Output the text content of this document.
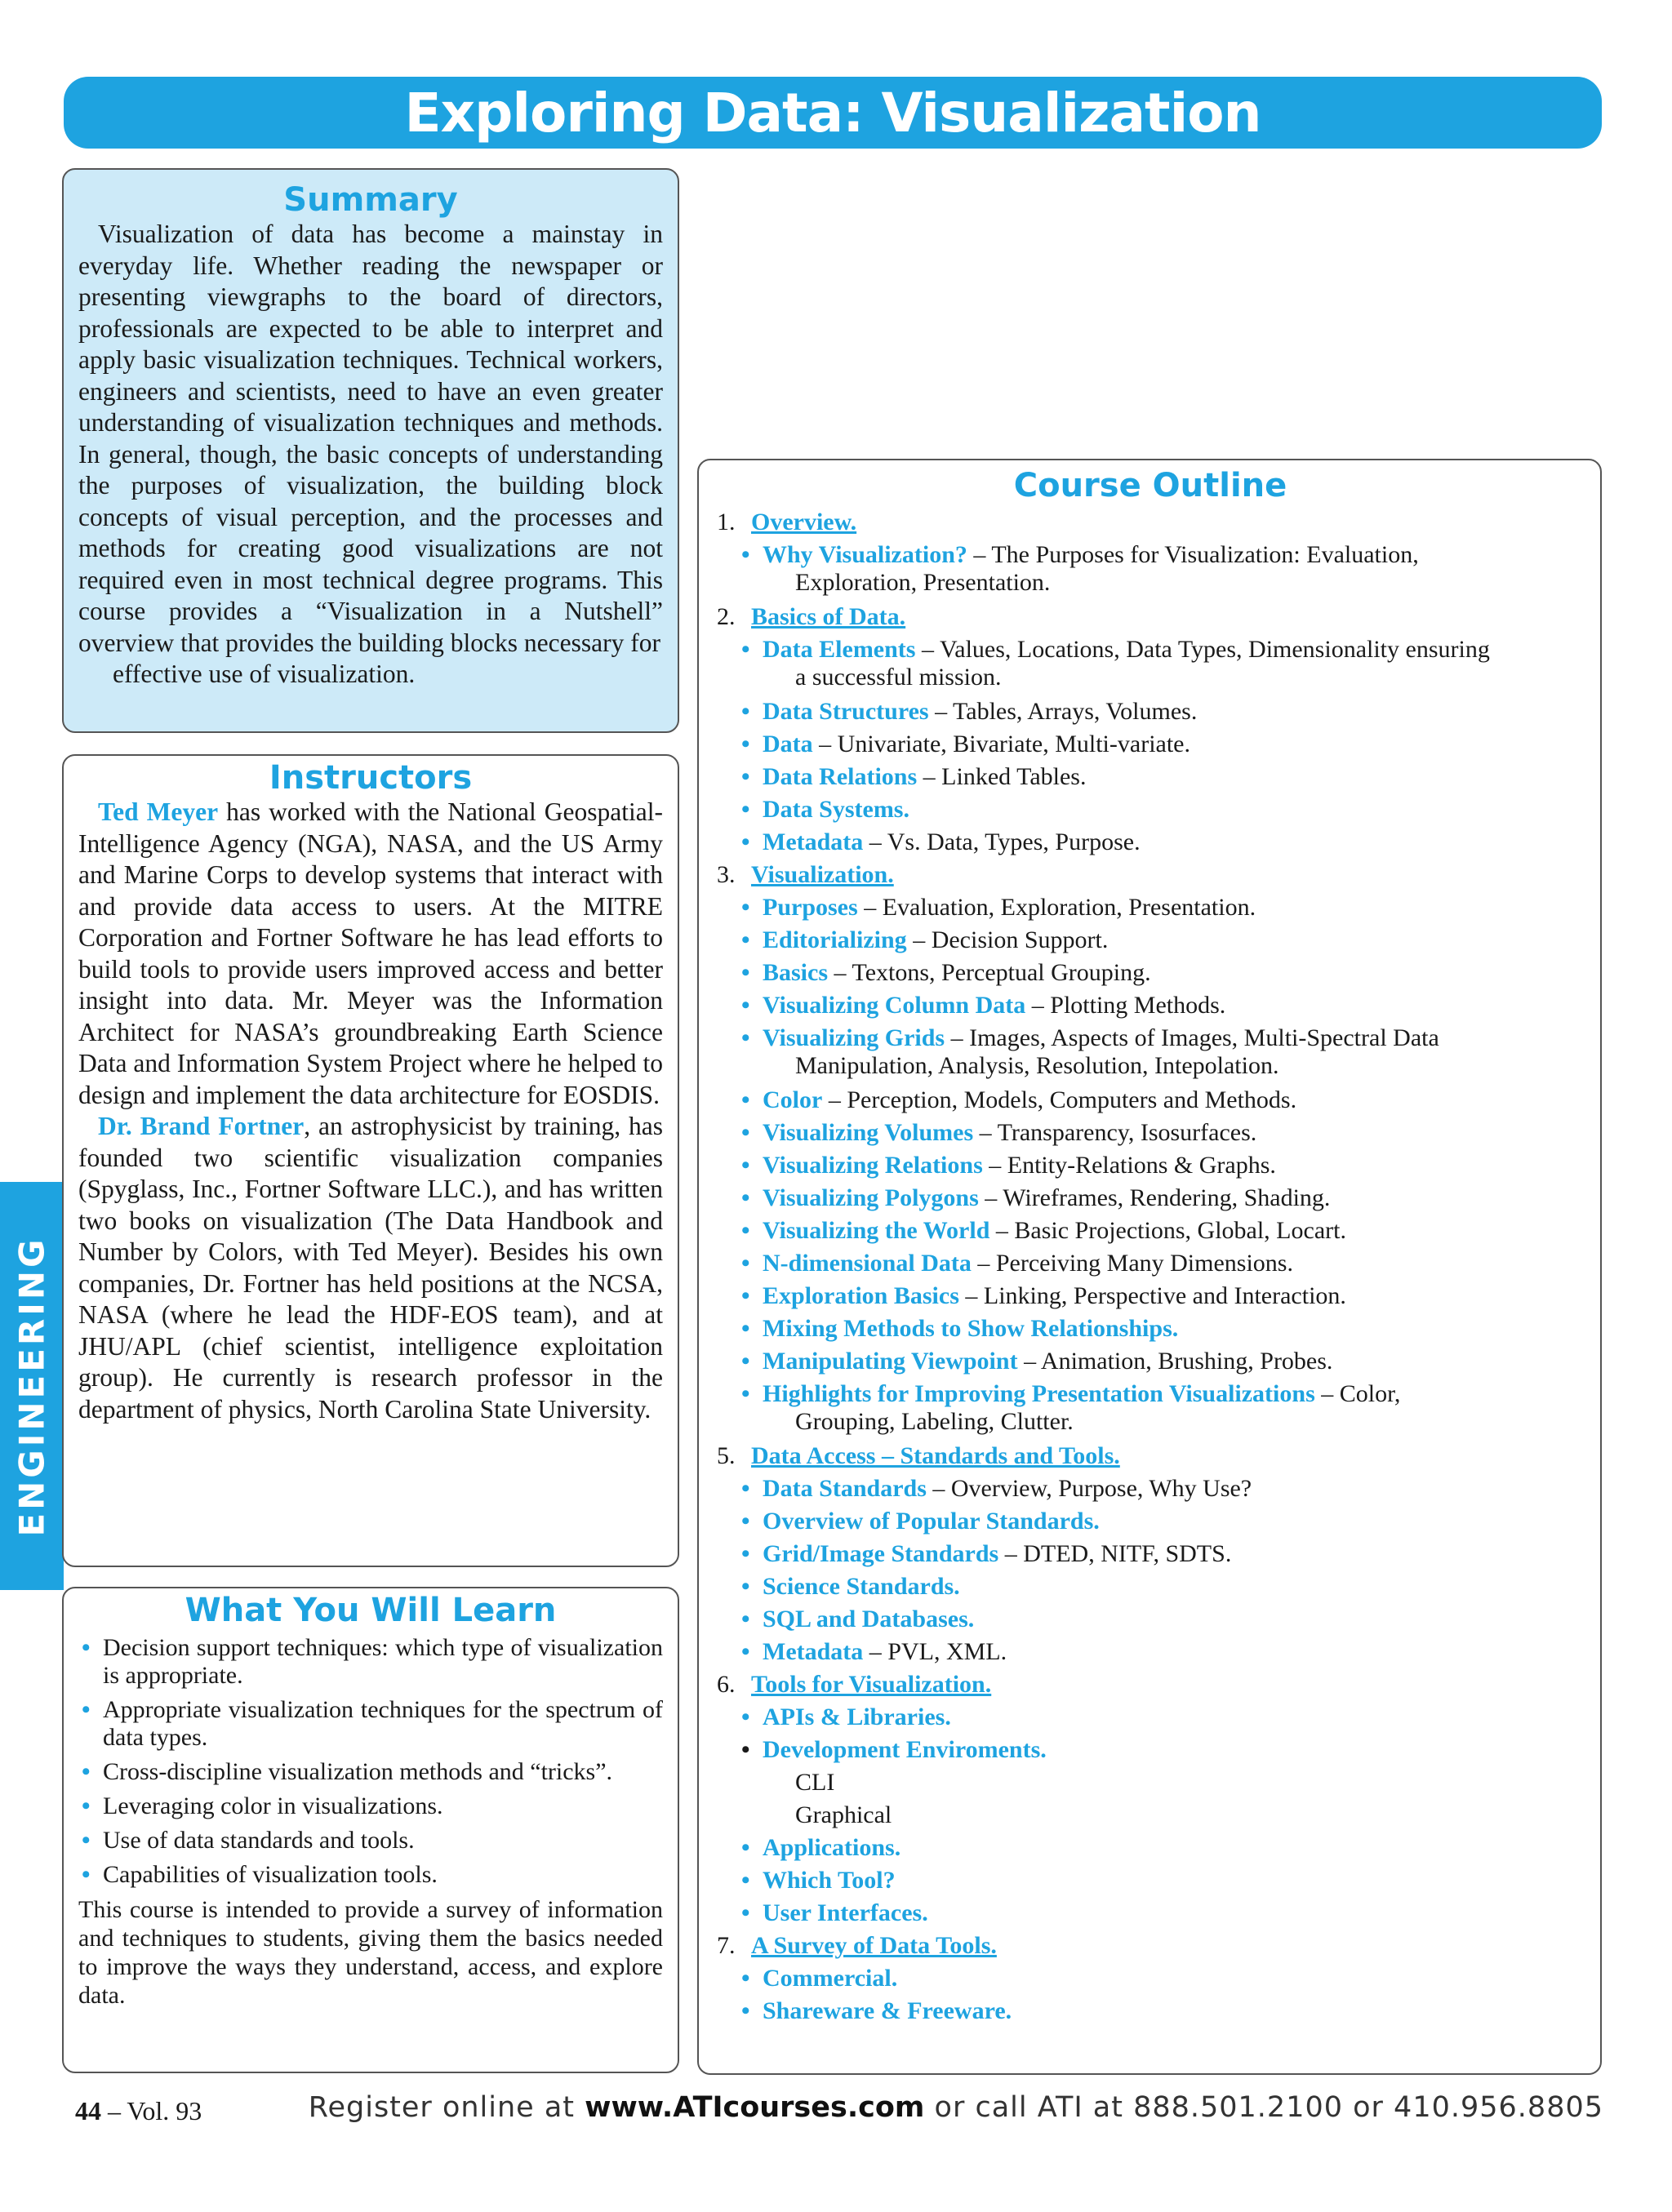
Exploring Data: Visualization
ENGINEERING
Summary

Visualization of data has become a mainstay in everyday life. Whether reading the newspaper or presenting viewgraphs to the board of directors, professionals are expected to be able to interpret and apply basic visualization techniques. Technical workers, engineers and scientists, need to have an even greater understanding of visualization techniques and methods. In general, though, the basic concepts of understanding the purposes of visualization, the building block concepts of visual perception, and the processes and methods for creating good visualizations are not required even in most technical degree programs. This course provides a “Visualization in a Nutshell” overview that provides the building blocks necessary for
effective use of visualization.

Instructors

Ted Meyer has worked with the National Geospatial-Intelligence Agency (NGA), NASA, and the US Army and Marine Corps to develop systems that interact with and provide data access to users. At the MITRE Corporation and Fortner Software he has lead efforts to build tools to provide users improved access and better insight into data. Mr. Meyer was the Information Architect for NASA’s groundbreaking Earth Science Data and Information System Project where he helped to design and implement the data architecture for EOSDIS.

Dr. Brand Fortner, an astrophysicist by training, has founded two scientific visualization companies (Spyglass, Inc., Fortner Software LLC.), and has written two books on visualization (The Data Handbook and Number by Colors, with Ted Meyer). Besides his own companies, Dr. Fortner has held positions at the NCSA, NASA (where he lead the HDF-EOS team), and at JHU/APL (chief scientist, intelligence exploitation group). He currently is research professor in the department of physics, North Carolina State University.

What You Will Learn
• Decision support techniques: which type of visualization is appropriate.
• Appropriate visualization techniques for the spectrum of data types.
• Cross-discipline visualization methods and “tricks”.
• Leveraging color in visualizations.
• Use of data standards and tools.
• Capabilities of visualization tools.

This course is intended to provide a survey of information and techniques to students, giving them the basics needed to improve the ways they understand, access, and explore data.

Course Outline

1. Overview.

• Why Visualization? – The Purposes for Visualization: Evaluation,
Exploration, Presentation.

2. Basics of Data.

• Data Elements – Values, Locations, Data Types, Dimensionality ensuring
a successful mission.

• Data Structures – Tables, Arrays, Volumes.

• Data – Univariate, Bivariate, Multi-variate.

• Data Relations – Linked Tables.

• Data Systems.

• Metadata – Vs. Data, Types, Purpose.

3. Visualization.

• Purposes – Evaluation, Exploration, Presentation.

• Editorializing – Decision Support.

• Basics – Textons, Perceptual Grouping.

• Visualizing Column Data – Plotting Methods.

• Visualizing Grids – Images, Aspects of Images, Multi-Spectral Data
Manipulation, Analysis, Resolution, Intepolation.

• Color – Perception, Models, Computers and Methods.

• Visualizing Volumes – Transparency, Isosurfaces.

• Visualizing Relations – Entity-Relations & Graphs.

• Visualizing Polygons – Wireframes, Rendering, Shading.

• Visualizing the World – Basic Projections, Global, Locart.

• N-dimensional Data – Perceiving Many Dimensions.

• Exploration Basics – Linking, Perspective and Interaction.

• Mixing Methods to Show Relationships.

• Manipulating Viewpoint – Animation, Brushing, Probes.

• Highlights for Improving Presentation Visualizations – Color,
Grouping, Labeling, Clutter.

5. Data Access – Standards and Tools.

• Data Standards – Overview, Purpose, Why Use?

• Overview of Popular Standards.

• Grid/Image Standards – DTED, NITF, SDTS.

• Science Standards.

• SQL and Databases.

• Metadata – PVL, XML.

6. Tools for Visualization.

• APIs & Libraries.

• Development Enviroments.

CLI

Graphical

• Applications.

• Which Tool?

• User Interfaces.

7. A Survey of Data Tools.

• Commercial.

• Shareware & Freeware.

44 – Vol. 93	Register online at www.ATIcourses.com or call ATI at 888.501.2100 or 410.956.8805
